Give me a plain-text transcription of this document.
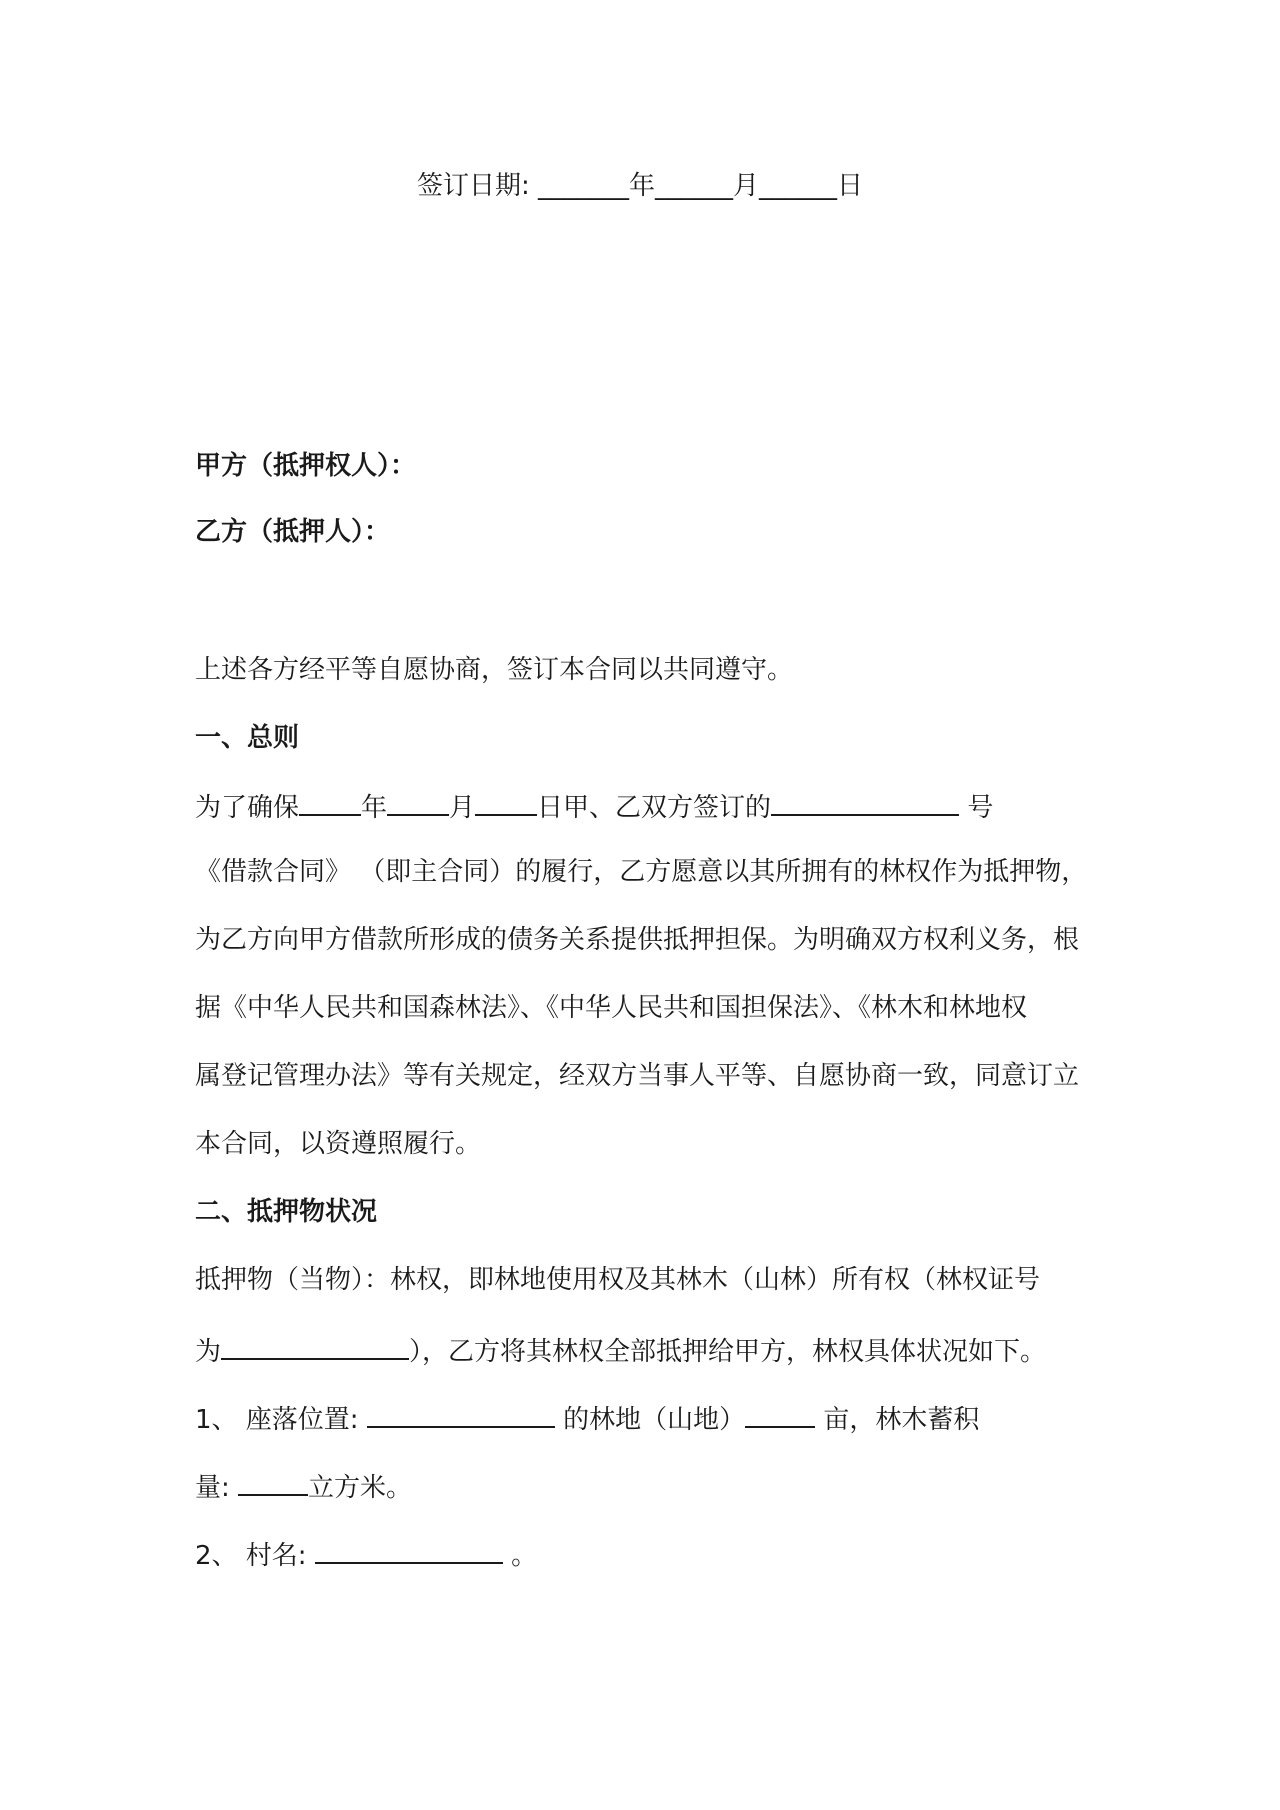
签订日期: _______年______月______日

甲方（抵押权人）：

乙方（抵押人）：

上述各方经平等自愿协商，签订本合同以共同遵守。

一、总则

为了确保 年 月 日甲、乙双方签订的	号

《借款合同》 （即主合同）的履行，乙方愿意以其所拥有的林权作为抵押物，

为乙方向甲方借款所形成的债务关系提供抵押担保。为明确双方权利义务，根

据《中华人民共和国森林法》、《中华人民共和国担保法》、《林木和林地权

属登记管理办法》等有关规定，经双方当事人平等、自愿协商一致，同意订立

本合同，以资遵照履行。

二、抵押物状况

抵押物（当物）：林权，即林地使用权及其林木（山林）所有权（林权证号

为	），乙方将其林权全部抵押给甲方，林权具体状况如下。

1、 座落位置:	的林地（山地）	亩，林木蓄积

量:	立方米。

2、 村名:	。
